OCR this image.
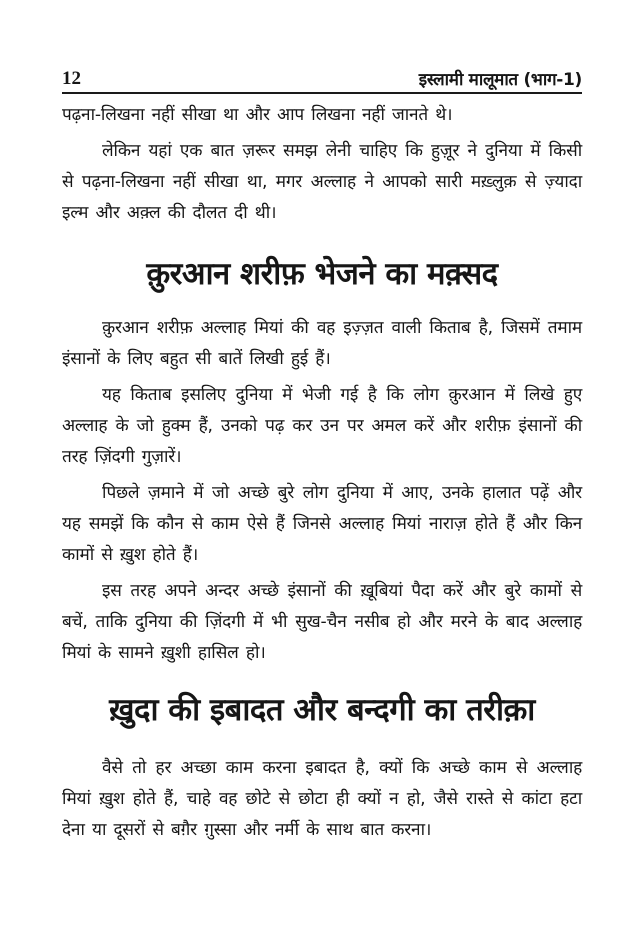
12	इस्लामी मालूमात (भाग-1)

पढ़ना-लिखना नहीं सीखा था और आप लिखना नहीं जानते थे।

लेकिन यहां एक बात ज़रूर समझ लेनी चाहिए कि हुज़ूर ने दुनिया में किसी से पढ़ना-लिखना नहीं सीखा था, मगर अल्लाह ने आपको सारी मख़्लुक़ से ज़्यादा इल्म और अक़्ल की दौलत दी थी।

क़ुरआन शरीफ़ भेजने का मक़्सद

क़ुरआन शरीफ़ अल्लाह मियां की वह इज़्ज़त वाली किताब है, जिसमें तमाम इंसानों के लिए बहुत सी बातें लिखी हुई हैं।

यह किताब इसलिए दुनिया में भेजी गई है कि लोग क़ुरआन में लिखे हुए अल्लाह के जो हुक्म हैं, उनको पढ़ कर उन पर अमल करें और शरीफ़ इंसानों की तरह ज़िंदगी गुज़ारें।

पिछले ज़माने में जो अच्छे बुरे लोग दुनिया में आए, उनके हालात पढ़ें और यह समझें कि कौन से काम ऐसे हैं जिनसे अल्लाह मियां नाराज़ होते हैं और किन कामों से ख़ुश होते हैं।

इस तरह अपने अन्दर अच्छे इंसानों की ख़ूबियां पैदा करें और बुरे कामों से बचें, ताकि दुनिया की ज़िंदगी में भी सुख-चैन नसीब हो और मरने के बाद अल्लाह मियां के सामने ख़ुशी हासिल हो।

ख़ुदा की इबादत और बन्दगी का तरीक़ा

वैसे तो हर अच्छा काम करना इबादत है, क्यों कि अच्छे काम से अल्लाह मियां ख़ुश होते हैं, चाहे वह छोटे से छोटा ही क्यों न हो, जैसे रास्ते से कांटा हटा देना या दूसरों से बग़ैर ग़ुस्सा और नर्मी के साथ बात करना।
